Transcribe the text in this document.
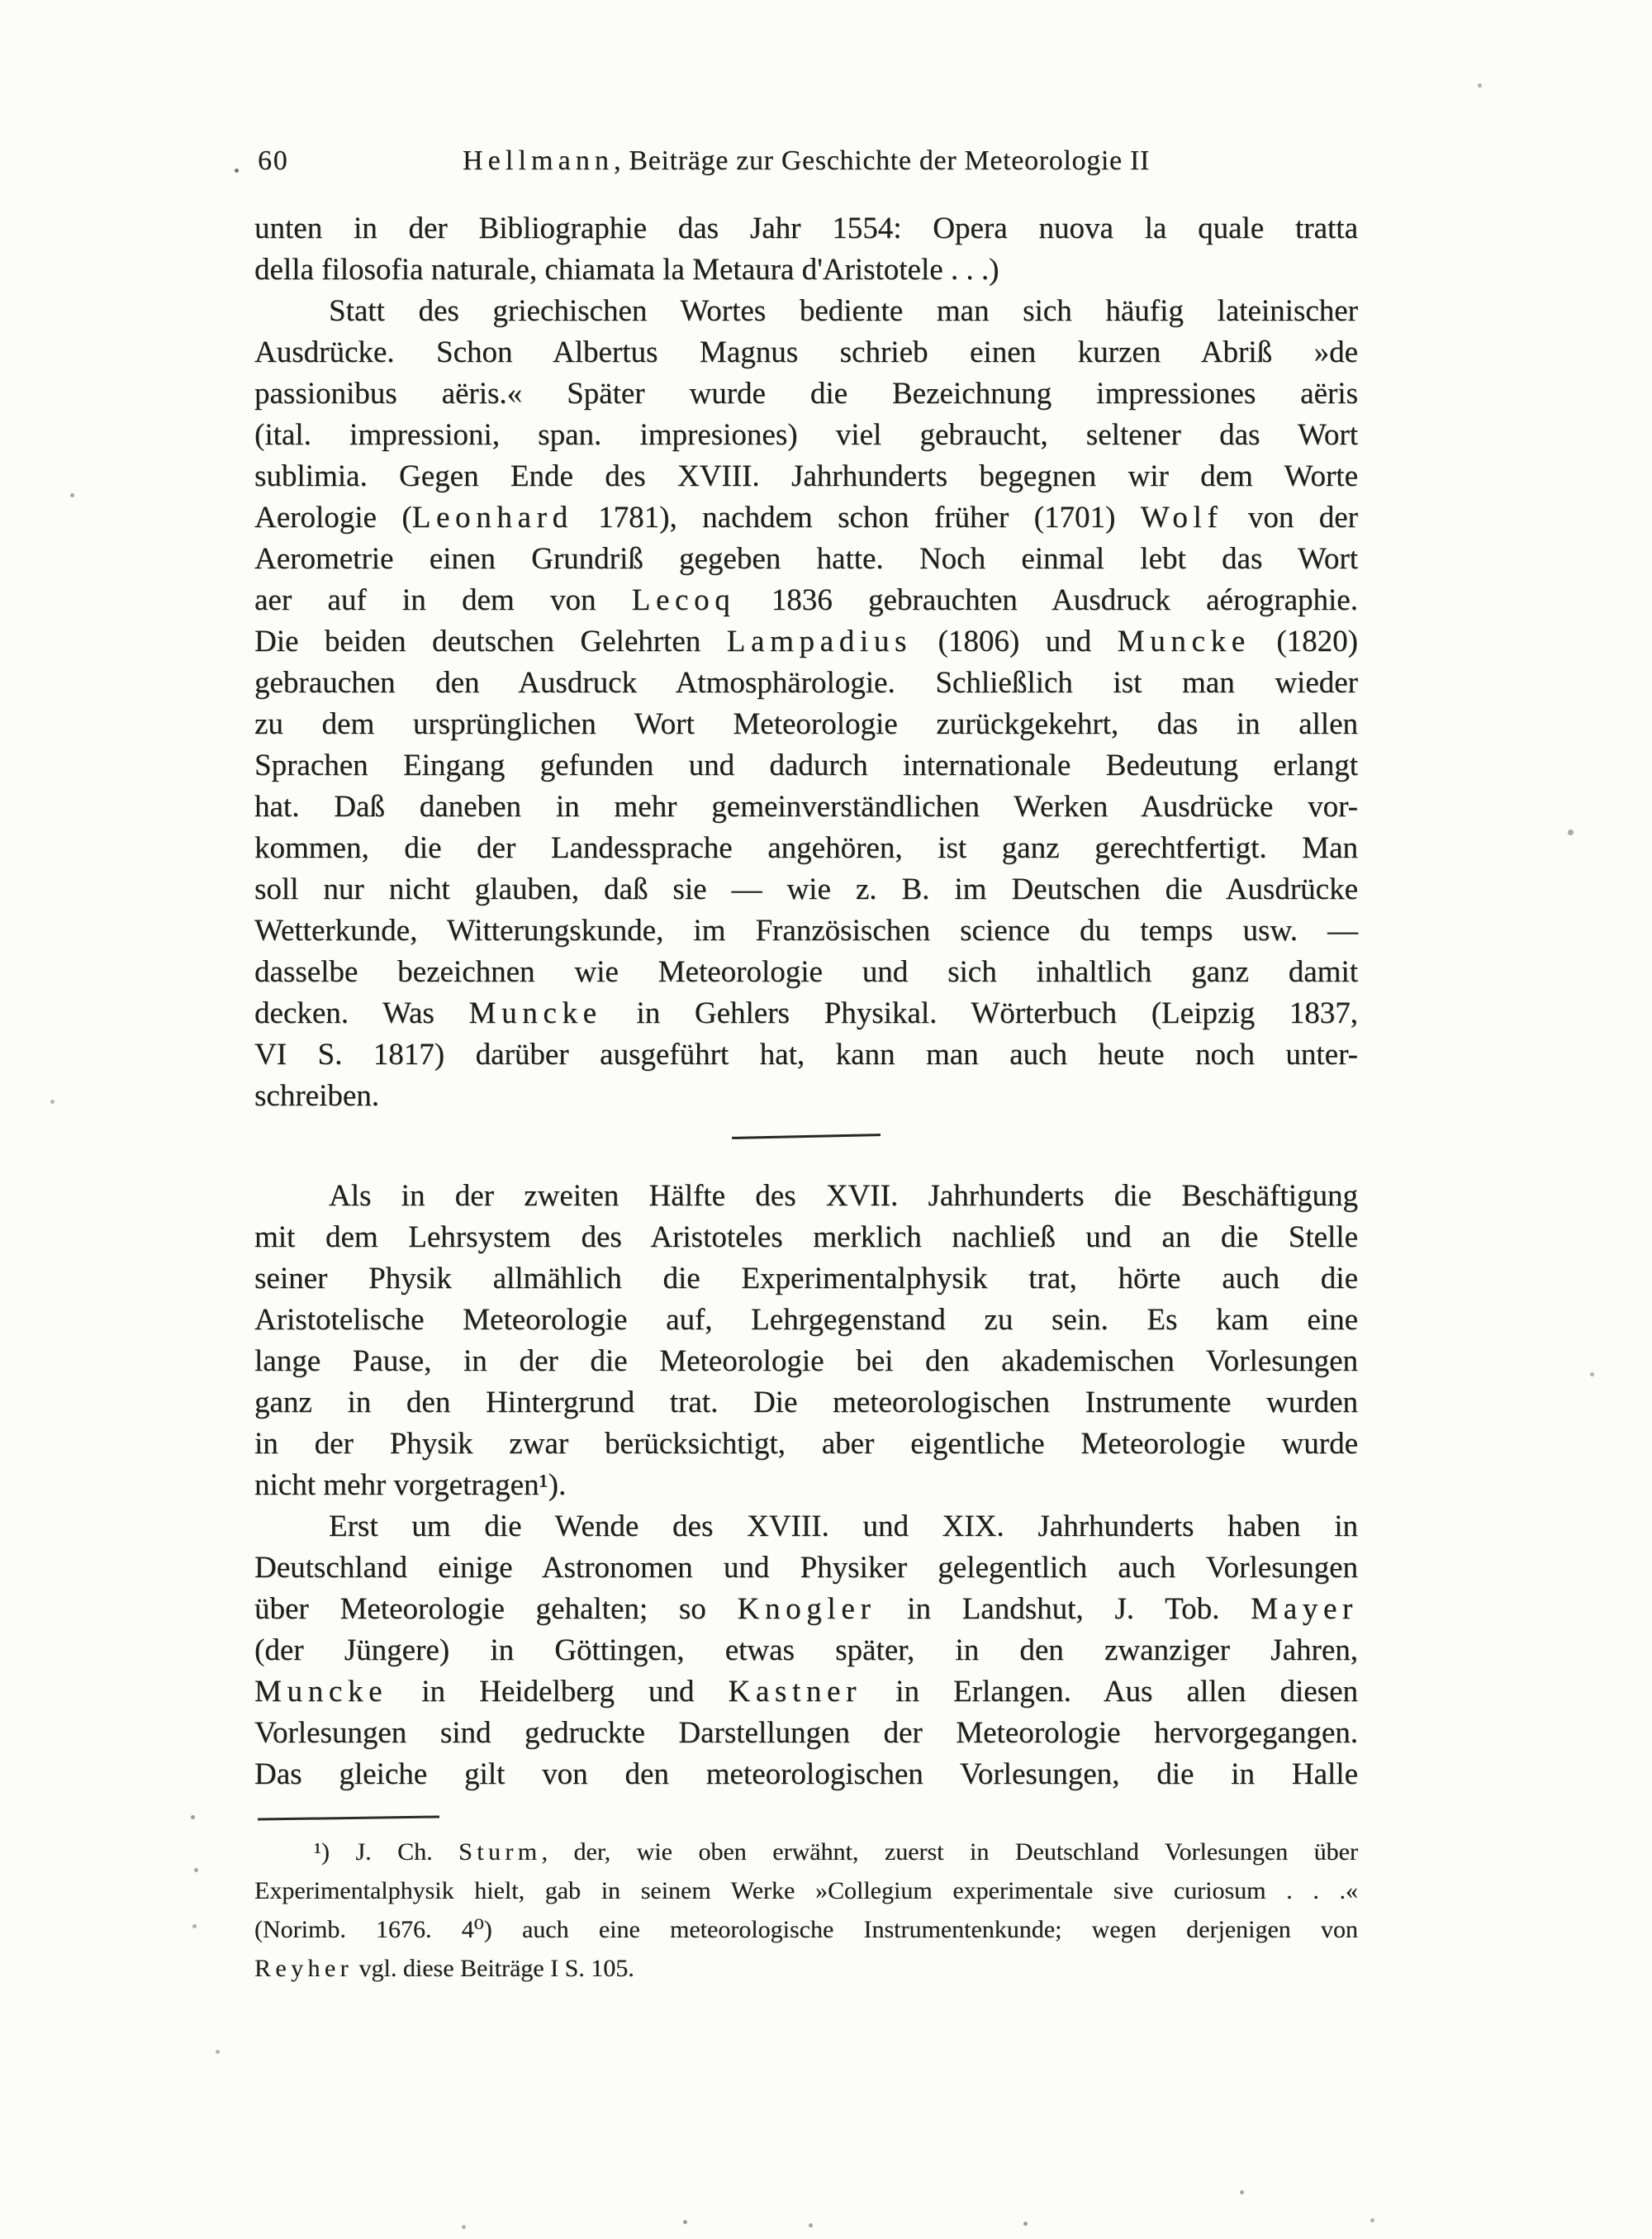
60	Hellmann, Beiträge zur Geschichte der Meteorologie II
unten in der Bibliographie das Jahr 1554: Opera nuova la quale tratta
della filosofia naturale, chiamata la Metaura d'Aristotele . . .)
Statt des griechischen Wortes bediente man sich häufig lateinischer
Ausdrücke. Schon Albertus Magnus schrieb einen kurzen Abriß »de
passionibus aëris.« Später wurde die Bezeichnung impressiones aëris
(ital. impressioni, span. impresiones) viel gebraucht, seltener das Wort
sublimia. Gegen Ende des XVIII. Jahrhunderts begegnen wir dem Worte
Aerologie (Leonhard 1781), nachdem schon früher (1701) Wolf von der
Aerometrie einen Grundriß gegeben hatte. Noch einmal lebt das Wort
aer auf in dem von Lecoq 1836 gebrauchten Ausdruck aérographie.
Die beiden deutschen Gelehrten Lampadius (1806) und Muncke (1820)
gebrauchen den Ausdruck Atmosphärologie. Schließlich ist man wieder
zu dem ursprünglichen Wort Meteorologie zurückgekehrt, das in allen
Sprachen Eingang gefunden und dadurch internationale Bedeutung erlangt
hat. Daß daneben in mehr gemeinverständlichen Werken Ausdrücke vor-
kommen, die der Landessprache angehören, ist ganz gerechtfertigt. Man
soll nur nicht glauben, daß sie — wie z. B. im Deutschen die Ausdrücke
Wetterkunde, Witterungskunde, im Französischen science du temps usw. —
dasselbe bezeichnen wie Meteorologie und sich inhaltlich ganz damit
decken. Was Muncke in Gehlers Physikal. Wörterbuch (Leipzig 1837,
VI S. 1817) darüber ausgeführt hat, kann man auch heute noch unter-
schreiben.
Als in der zweiten Hälfte des XVII. Jahrhunderts die Beschäftigung
mit dem Lehrsystem des Aristoteles merklich nachließ und an die Stelle
seiner Physik allmählich die Experimentalphysik trat, hörte auch die
Aristotelische Meteorologie auf, Lehrgegenstand zu sein. Es kam eine
lange Pause, in der die Meteorologie bei den akademischen Vorlesungen
ganz in den Hintergrund trat. Die meteorologischen Instrumente wurden
in der Physik zwar berücksichtigt, aber eigentliche Meteorologie wurde
nicht mehr vorgetragen¹).
Erst um die Wende des XVIII. und XIX. Jahrhunderts haben in
Deutschland einige Astronomen und Physiker gelegentlich auch Vorlesungen
über Meteorologie gehalten; so Knogler in Landshut, J. Tob. Mayer
(der Jüngere) in Göttingen, etwas später, in den zwanziger Jahren,
Muncke in Heidelberg und Kastner in Erlangen. Aus allen diesen
Vorlesungen sind gedruckte Darstellungen der Meteorologie hervorgegangen.
Das gleiche gilt von den meteorologischen Vorlesungen, die in Halle
¹) J. Ch. Sturm, der, wie oben erwähnt, zuerst in Deutschland Vorlesungen über
Experimentalphysik hielt, gab in seinem Werke »Collegium experimentale sive curiosum . . .«
(Norimb. 1676. 4⁰) auch eine meteorologische Instrumentenkunde; wegen derjenigen von
Reyher vgl. diese Beiträge I S. 105.
